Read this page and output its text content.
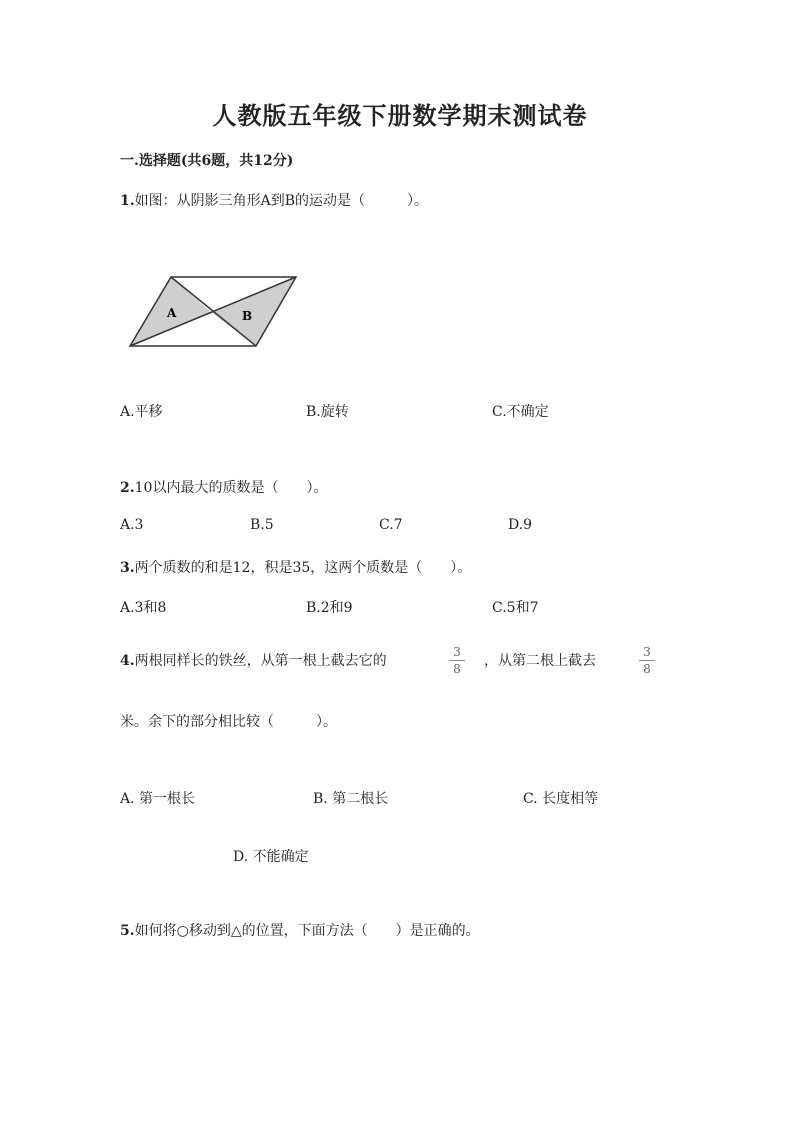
人教版五年级下册数学期末测试卷
一.选择题(共6题，共12分)
1.如图：从阴影三角形A到B的运动是（　　　）。
A	B
A.平移	B.旋转	C.不确定
2.10以内最大的质数是（　　）。
A.3	B.5	C.7	D.9
3.两个质数的和是12，积是35，这两个质数是（　　）。
A.3和8	B.2和9	C.5和7
4.两根同样长的铁丝，从第一根上截去它的
3
8 ，从第二根上截去
3
8
米。余下的部分相比较（　　　）。
A. 第一根长	B. 第二根长	C. 长度相等
D. 不能确定
5.如何将○移动到△的位置，下面方法（　　）是正确的。
